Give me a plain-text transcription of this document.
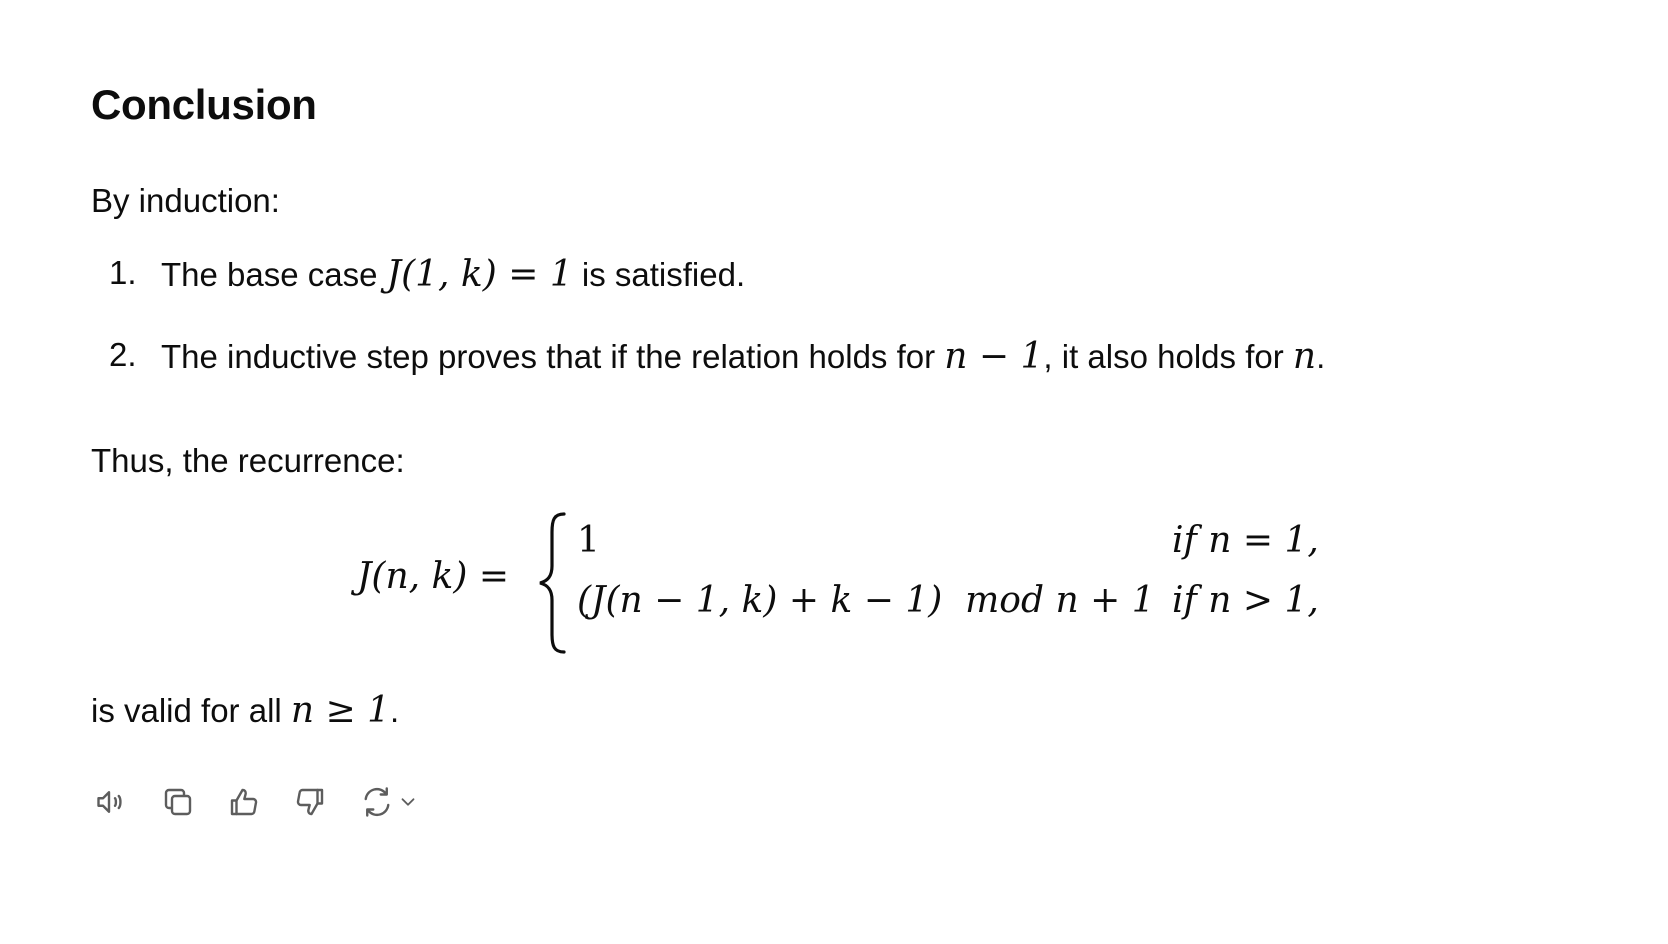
Conclusion

By induction:

1. The base case J(1, k) = 1 is satisfied.
2. The inductive step proves that if the relation holds for n − 1, it also holds for n.

Thus, the recurrence:

J(n, k) =
1
(J(n − 1, k) + k − 1)  mod n + 1
if n = 1,
if n > 1,

is valid for all n ≥ 1.
